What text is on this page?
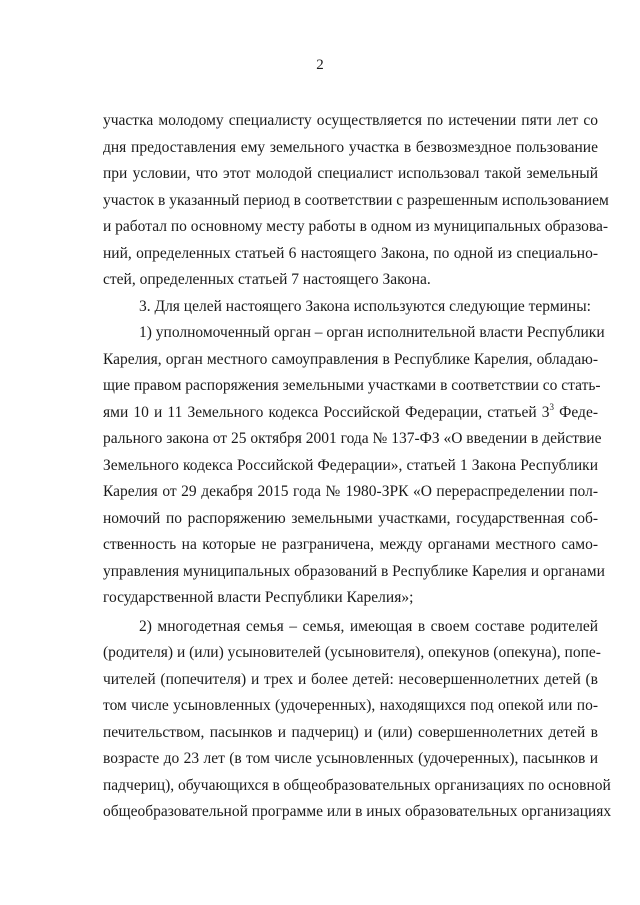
2
участка молодому специалисту осуществляется по истечении пяти лет со
дня предоставления ему земельного участка в безвозмездное пользование
при условии, что этот молодой специалист использовал такой земельный
участок в указанный период в соответствии с разрешенным использованием
и работал по основному месту работы в одном из муниципальных образова-
ний, определенных статьей 6 настоящего Закона, по одной из специально-
стей, определенных статьей 7 настоящего Закона.
3. Для целей настоящего Закона используются следующие термины:
1) уполномоченный орган – орган исполнительной власти Республики
Карелия, орган местного самоуправления в Республике Карелия, обладаю-
щие правом распоряжения земельными участками в соответствии со стать-
ями 10 и 11 Земельного кодекса Российской Федерации, статьей $3^3$ Феде-
рального закона от 25 октября 2001 года № 137-ФЗ «О введении в действие
Земельного кодекса Российской Федерации», статьей 1 Закона Республики
Карелия от 29 декабря 2015 года № 1980-ЗРК «О перераспределении пол-
номочий по распоряжению земельными участками, государственная соб-
ственность на которые не разграничена, между органами местного само-
управления муниципальных образований в Республике Карелия и органами
государственной власти Республики Карелия»;
2) многодетная семья – семья, имеющая в своем составе родителей
(родителя) и (или) усыновителей (усыновителя), опекунов (опекуна), попе-
чителей (попечителя) и трех и более детей: несовершеннолетних детей (в
том числе усыновленных (удочеренных), находящихся под опекой или по-
печительством, пасынков и падчериц) и (или) совершеннолетних детей в
возрасте до 23 лет (в том числе усыновленных (удочеренных), пасынков и
падчериц), обучающихся в общеобразовательных организациях по основной
общеобразовательной программе или в иных образовательных организациях
